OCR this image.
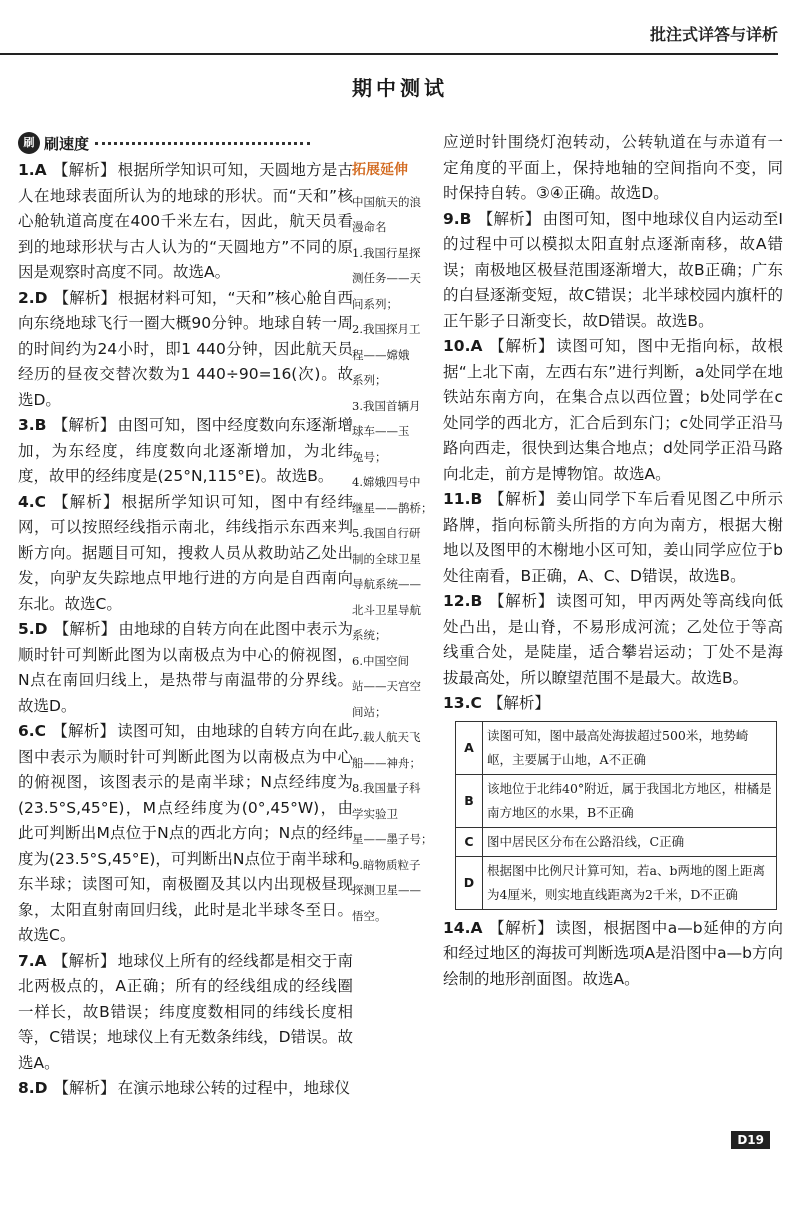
批注式详答与详析
期中测试
刷 刷速度
1.A 【解析】 根据所学知识可知，天圆地方是古人在地球表面所认为的地球的形状。而“天和”核心舱轨道高度在400千米左右，因此，航天员看到的地球形状与古人认为的“天圆地方”不同的原因是观察时高度不同。故选A。
2.D 【解析】 根据材料可知，“天和”核心舱自西向东绕地球飞行一圈大概90分钟。地球自转一周的时间约为24小时，即1 440分钟，因此航天员经历的昼夜交替次数为1 440÷90=16(次)。故选D。
3.B 【解析】 由图可知，图中经度数向东逐渐增加，为东经度，纬度数向北逐渐增加，为北纬度，故甲的经纬度是(25°N,115°E)。故选B。
4.C 【解析】 根据所学知识可知，图中有经纬网，可以按照经线指示南北，纬线指示东西来判断方向。据题目可知，搜救人员从救助站乙处出发，向驴友失踪地点甲地行进的方向是自西南向东北。故选C。
5.D 【解析】 由地球的自转方向在此图中表示为顺时针可判断此图为以南极点为中心的俯视图，N点在南回归线上，是热带与南温带的分界线。故选D。
6.C 【解析】 读图可知，由地球的自转方向在此图中表示为顺时针可判断此图为以南极点为中心的俯视图，该图表示的是南半球；N点经纬度为(23.5°S,45°E)，M点经纬度为(0°,45°W)，由此可判断出M点位于N点的西北方向；N点的经纬度为(23.5°S,45°E)，可判断出N点位于南半球和东半球；读图可知，南极圈及其以内出现极昼现象，太阳直射南回归线，此时是北半球冬至日。故选C。
7.A 【解析】 地球仪上所有的经线都是相交于南北两极点的，A正确；所有的经线组成的经线圈一样长，故B错误；纬度度数相同的纬线长度相等，C错误；地球仪上有无数条纬线，D错误。故选A。
8.D 【解析】 在演示地球公转的过程中，地球仪
拓展延伸
中国航天的浪
漫命名
1.我国行星探
测任务——天
问系列；
2.我国探月工
程——嫦娥
系列；
3.我国首辆月
球车——玉
兔号；
4.嫦娥四号中
继星——鹊桥；
5.我国自行研
制的全球卫星
导航系统——
北斗卫星导航
系统；
6.中国空间
站——天宫空
间站；
7.载人航天飞
船——神舟；
8.我国量子科
学实验卫
星——墨子号；
9.暗物质粒子
探测卫星——
悟空。
应逆时针围绕灯泡转动，公转轨道在与赤道有一定角度的平面上，保持地轴的空间指向不变，同时保持自转。③④正确。故选D。
9.B 【解析】 由图可知，图中地球仪自内运动至Ⅰ的过程中可以模拟太阳直射点逐渐南移，故A错误；南极地区极昼范围逐渐增大，故B正确；广东的白昼逐渐变短，故C错误；北半球校园内旗杆的正午影子日渐变长，故D错误。故选B。
10.A 【解析】 读图可知，图中无指向标，故根据“上北下南，左西右东”进行判断，a处同学在地铁站东南方向，在集合点以西位置；b处同学在c处同学的西北方，汇合后到东门；c处同学正沿马路向西走，很快到达集合地点；d处同学正沿马路向北走，前方是博物馆。故选A。
11.B 【解析】 姜山同学下车后看见图乙中所示路牌，指向标箭头所指的方向为南方，根据大榭地以及图甲的木榭地小区可知，姜山同学应位于b处往南看，B正确，A、C、D错误，故选B。
12.B 【解析】 读图可知，甲丙两处等高线向低处凸出，是山脊，不易形成河流；乙处位于等高线重合处，是陡崖，适合攀岩运动；丁处不是海拔最高处，所以瞭望范围不是最大。故选B。
13.C 【解析】
A	读图可知，图中最高处海拔超过500米，地势崎岖，主要属于山地，A不正确
B	该地位于北纬40°附近，属于我国北方地区，柑橘是南方地区的水果，B不正确
C	图中居民区分布在公路沿线，C正确
D	根据图中比例尺计算可知，若a、b两地的图上距离为4厘米，则实地直线距离为2千米，D不正确
14.A 【解析】 读图，根据图中a—b延伸的方向和经过地区的海拔可判断选项A是沿图中a—b方向绘制的地形剖面图。故选A。
D19
